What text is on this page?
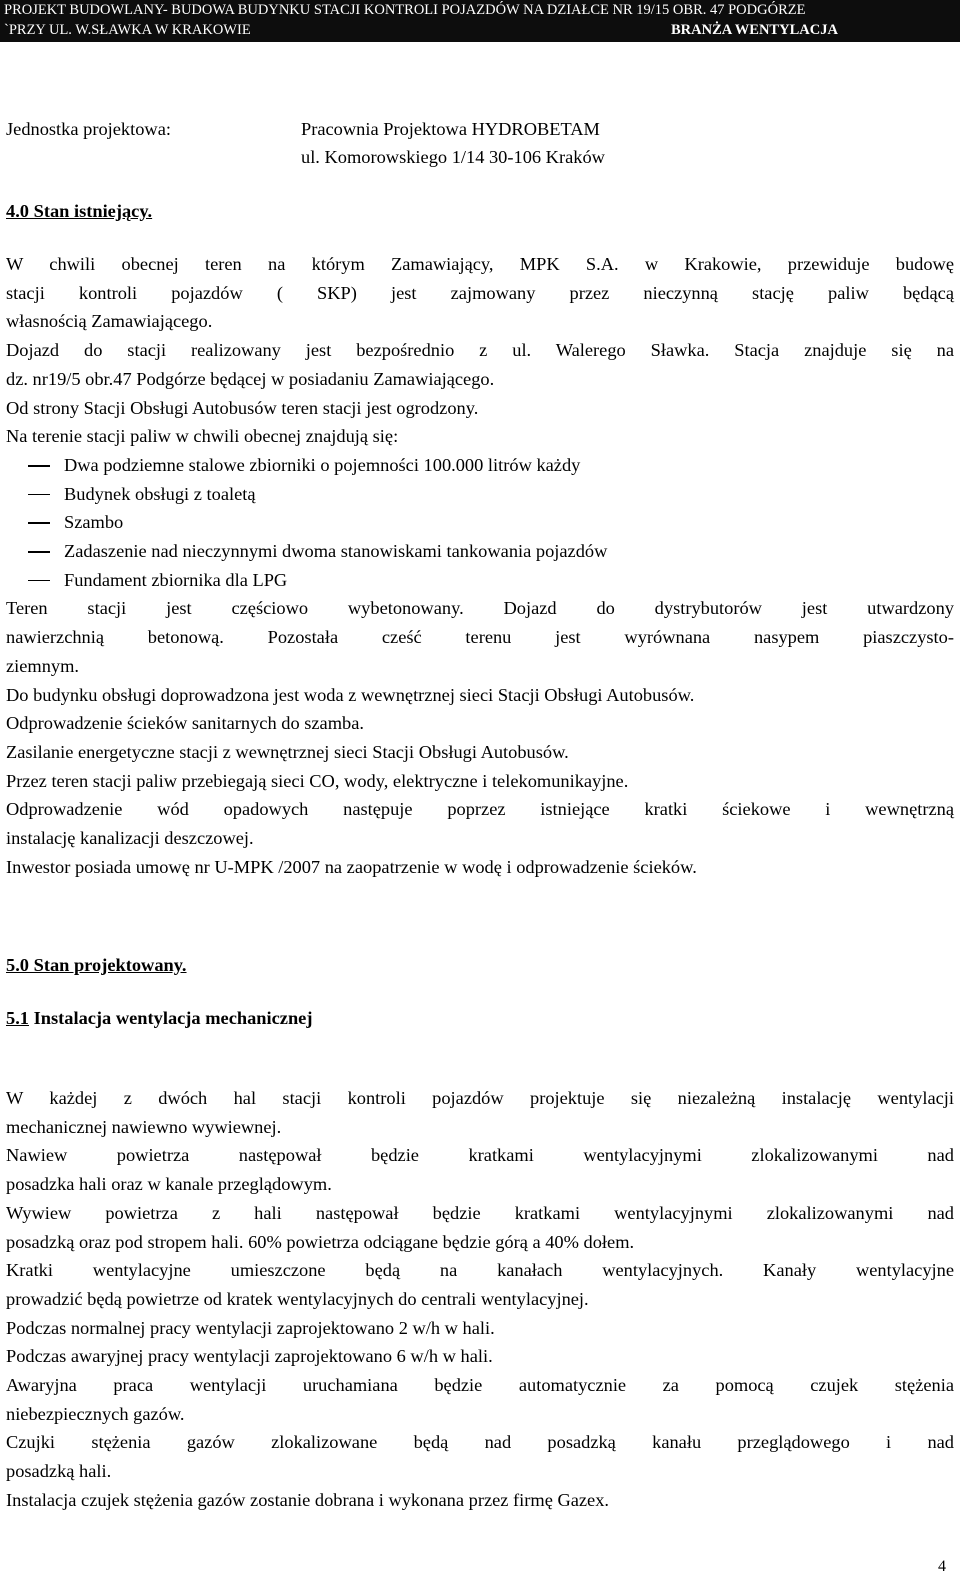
PROJEKT BUDOWLANY- BUDOWA BUDYNKU STACJI KONTROLI POJAZDÓW NA DZIAŁCE NR 19/15 OBR. 47 PODGÓRZE
`PRZY UL. W.SŁAWKA W KRAKOWIE	BRANŻA WENTYLACJA
Jednostka projektowa:	Pracownia Projektowa HYDROBETAM
ul. Komorowskiego 1/14 30-106 Kraków
4.0 Stan istniejący.

W chwili obecnej teren na którym Zamawiający, MPK S.A. w Krakowie, przewiduje budowę

stacji kontroli pojazdów ( SKP) jest zajmowany przez nieczynną stację paliw będącą

własnością Zamawiającego.

Dojazd do stacji realizowany jest bezpośrednio z ul. Walerego Sławka. Stacja znajduje się na

dz. nr19/5 obr.47 Podgórze będącej w posiadaniu Zamawiającego.

Od strony Stacji Obsługi Autobusów teren stacji jest ogrodzony.

Na terenie stacji paliw w chwili obecnej znajdują się:

Dwa podziemne stalowe zbiorniki o pojemności 100.000 litrów każdy
Budynek obsługi z toaletą
Szambo
Zadaszenie nad nieczynnymi dwoma stanowiskami tankowania pojazdów
Fundament zbiornika dla LPG

Teren stacji jest częściowo wybetonowany. Dojazd do dystrybutorów jest utwardzony

nawierzchnią betonową. Pozostała cześć terenu jest wyrównana nasypem piaszczysto-

ziemnym.

Do budynku obsługi doprowadzona jest woda z wewnętrznej sieci Stacji Obsługi Autobusów.

Odprowadzenie ścieków sanitarnych do szamba.

Zasilanie energetyczne stacji z wewnętrznej sieci Stacji Obsługi Autobusów.

Przez teren stacji paliw przebiegają sieci CO, wody, elektryczne i telekomunikayjne.

Odprowadzenie wód opadowych następuje poprzez istniejące kratki ściekowe i wewnętrzną

instalację kanalizacji deszczowej.

Inwestor posiada umowę nr U-MPK /2007 na zaopatrzenie w wodę i odprowadzenie ścieków.

5.0 Stan projektowany.
5.1 Instalacja wentylacja mechanicznej

W każdej z dwóch hal stacji kontroli pojazdów projektuje się niezależną instalację wentylacji

mechanicznej nawiewno wywiewnej.

Nawiew powietrza następował będzie kratkami wentylacyjnymi zlokalizowanymi nad

posadzka hali oraz w kanale przeglądowym.

Wywiew powietrza z hali następował będzie kratkami wentylacyjnymi zlokalizowanymi nad

posadzką oraz pod stropem hali. 60% powietrza odciągane będzie górą a 40% dołem.

Kratki wentylacyjne umieszczone będą na kanałach wentylacyjnych. Kanały wentylacyjne

prowadzić będą powietrze od kratek wentylacyjnych do centrali wentylacyjnej.

Podczas normalnej pracy wentylacji zaprojektowano 2 w/h w hali.

Podczas awaryjnej pracy wentylacji zaprojektowano 6 w/h w hali.

Awaryjna praca wentylacji uruchamiana będzie automatycznie za pomocą czujek stężenia

niebezpiecznych gazów.

Czujki stężenia gazów zlokalizowane będą nad posadzką kanału przeglądowego i nad

posadzką hali.

Instalacja czujek stężenia gazów zostanie dobrana i wykonana przez firmę Gazex.

4
